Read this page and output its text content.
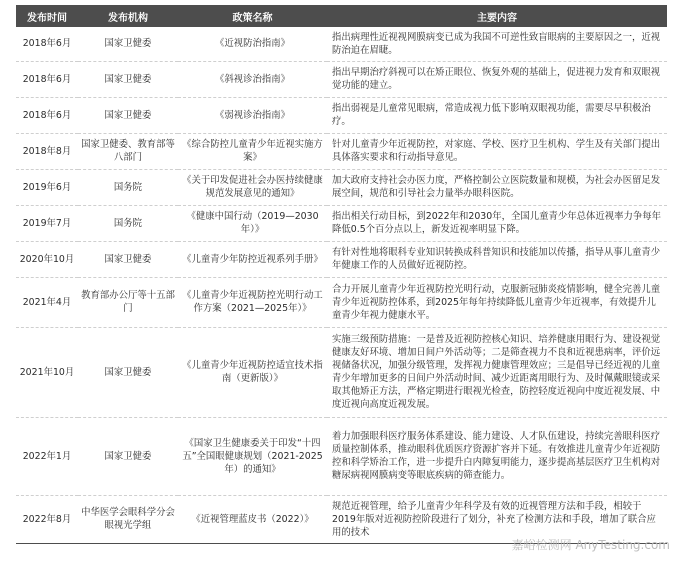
发布时间	发布机构	政策名称	主要内容
2018年6月	国家卫健委	《近视防治指南》	指出病理性近视视网膜病变已成为我国不可逆性致盲眼病的主要原因之一，近视防治迫在眉睫。
2018年6月	国家卫健委	《斜视诊治指南》	指出早期治疗斜视可以在矫正眼位、恢复外观的基础上，促进视力发育和双眼视觉功能的建立。
2018年6月	国家卫健委	《弱视诊治指南》	指出弱视是儿童常见眼病，常造成视力低下影响双眼视功能，需要尽早积极治疗。
2018年8月	国家卫健委、教育部等八部门	《综合防控儿童青少年近视实施方案》	针对儿童青少年近视防控，对家庭、学校、医疗卫生机构、学生及有关部门提出具体落实要求和行动指导意见。
2019年6月	国务院	《关于印发促进社会办医持续健康规范发展意见的通知》	加大政府支持社会办医力度，严格控制公立医院数量和规模，为社会办医留足发展空间，规范和引导社会力量举办眼科医院。
2019年7月	国务院	《健康中国行动（2019—2030年）》	指出相关行动目标，到2022年和2030年，全国儿童青少年总体近视率力争每年降低0.5个百分点以上，新发近视率明显下降。
2020年10月	国家卫健委	《儿童青少年防控近视系列手册》	有针对性地将眼科专业知识转换成科普知识和技能加以传播，指导从事儿童青少年健康工作的人员做好近视防控。
2021年4月	教育部办公厅等十五部门	《儿童青少年近视防控光明行动工作方案（2021—2025年）》	合力开展儿童青少年近视防控光明行动，克服新冠肺炎疫情影响，健全完善儿童青少年近视防控体系，到2025年每年持续降低儿童青少年近视率，有效提升儿童青少年视力健康水平。
2021年10月	国家卫健委	《儿童青少年近视防控适宜技术指南（更新版）》	实施三级预防措施：一是普及近视防控核心知识、培养健康用眼行为、建设视觉健康友好环境、增加日间户外活动等；二是筛查视力不良和近视患病率，评价远视储备状况，加强分级管理，发挥视力健康管理效应；三是倡导已经近视的儿童青少年增加更多的日间户外活动时间、减少近距离用眼行为、及时佩戴眼镜或采取其他矫正方法，严格定期进行眼视光检查，防控轻度近视向中度近视发展、中度近视向高度近视发展。
2022年1月	国家卫健委	《国家卫生健康委关于印发“十四五”全国眼健康规划（2021-2025年）的通知》	着力加强眼科医疗服务体系建设、能力建设、人才队伍建设，持续完善眼科医疗质量控制体系，推动眼科优质医疗资源扩容并下延。有效推进儿童青少年近视防控和科学矫治工作，进一步提升白内障复明能力，逐步提高基层医疗卫生机构对糖尿病视网膜病变等眼底疾病的筛查能力。
2022年8月	中华医学会眼科学分会眼视光学组	《近视管理蓝皮书（2022）》	规范近视管理，给予儿童青少年科学及有效的近视管理方法和手段，相较于2019年版对近视防控阶段进行了划分，补充了检测方法和手段，增加了联合应用的技术
嘉峪检测网 AnyTesting.com
